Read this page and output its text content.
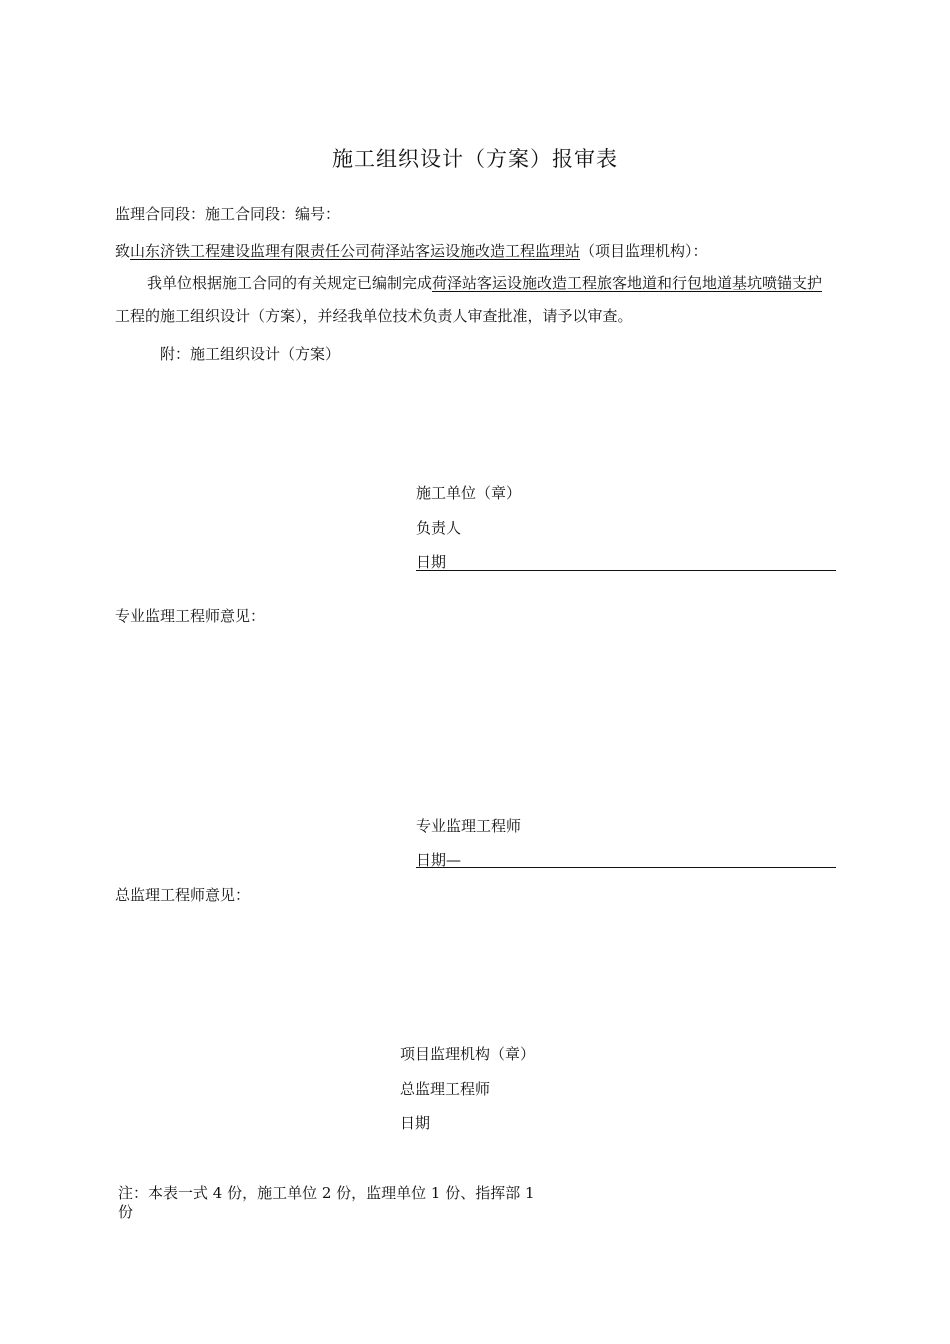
施工组织设计（方案）报审表
监理合同段：施工合同段：编号：
致山东济铁工程建设监理有限责任公司荷泽站客运设施改造工程监理站（项目监理机构）：
我单位根据施工合同的有关规定已编制完成荷泽站客运设施改造工程旅客地道和行包地道基坑喷锚支护工程的施工组织设计（方案），并经我单位技术负责人审查批准，请予以审查。
附：施工组织设计（方案）
施工单位（章）
负责人
日期
专业监理工程师意见：
专业监理工程师
日期—
总监理工程师意见：
项目监理机构（章）
总监理工程师
日期
注：本表一式 4 份，施工单位 2 份，监理单位 1 份、指挥部 1
份
